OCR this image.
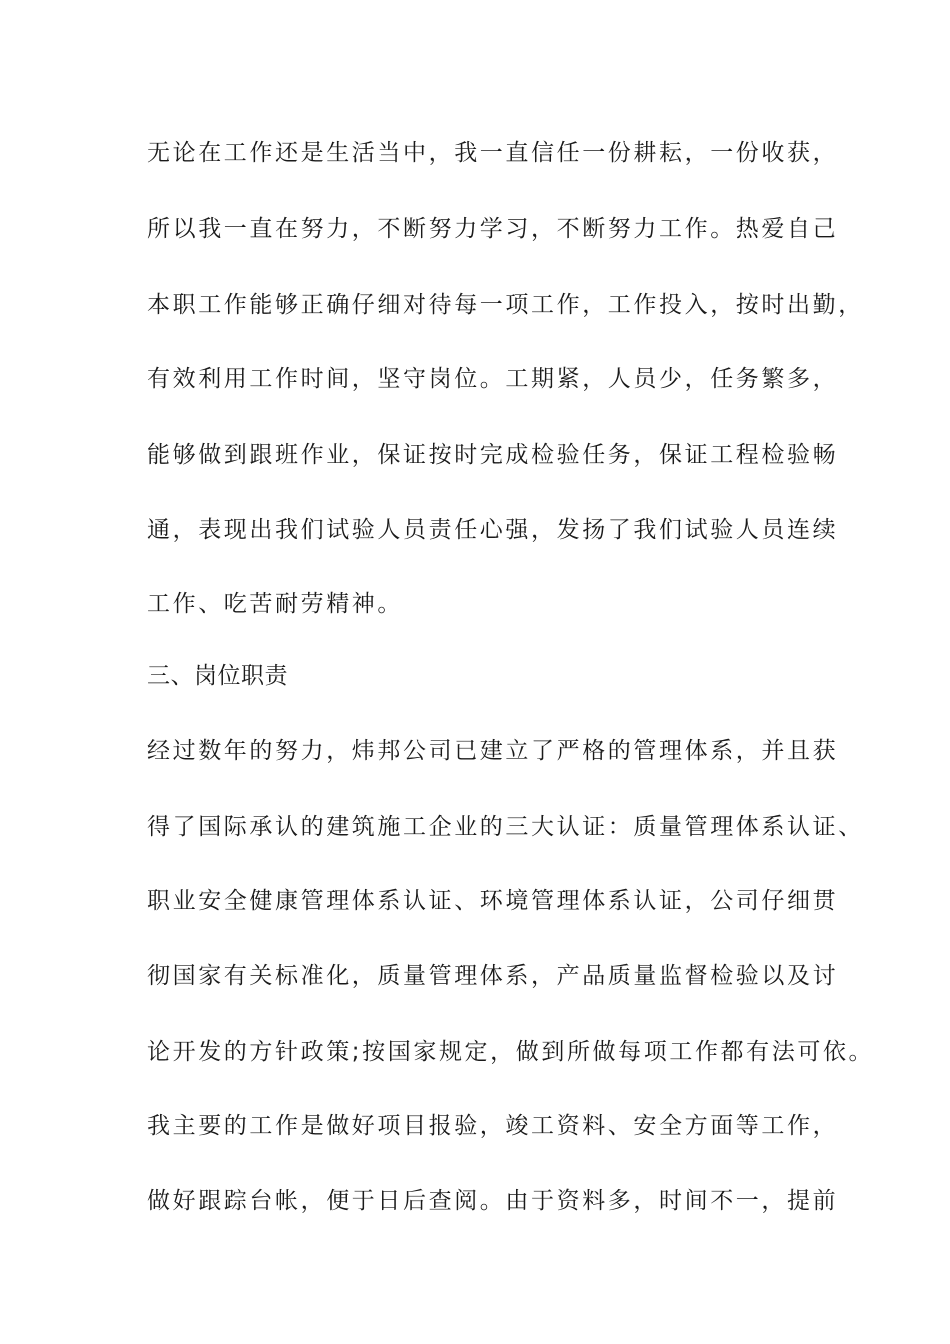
无论在工作还是生活当中，我一直信任一份耕耘，一份收获，
所以我一直在努力，不断努力学习，不断努力工作。热爱自己
本职工作能够正确仔细对待每一项工作，工作投入，按时出勤，
有效利用工作时间，坚守岗位。工期紧，人员少，任务繁多，
能够做到跟班作业，保证按时完成检验任务，保证工程检验畅
通，表现出我们试验人员责任心强，发扬了我们试验人员连续
工作、吃苦耐劳精神。
三、岗位职责
经过数年的努力，炜邦公司已建立了严格的管理体系，并且获
得了国际承认的建筑施工企业的三大认证：质量管理体系认证、
职业安全健康管理体系认证、环境管理体系认证，公司仔细贯
彻国家有关标准化，质量管理体系，产品质量监督检验以及讨
论开发的方针政策;按国家规定，做到所做每项工作都有法可依。
我主要的工作是做好项目报验，竣工资料、安全方面等工作，
做好跟踪台帐，便于日后查阅。由于资料多，时间不一，提前
